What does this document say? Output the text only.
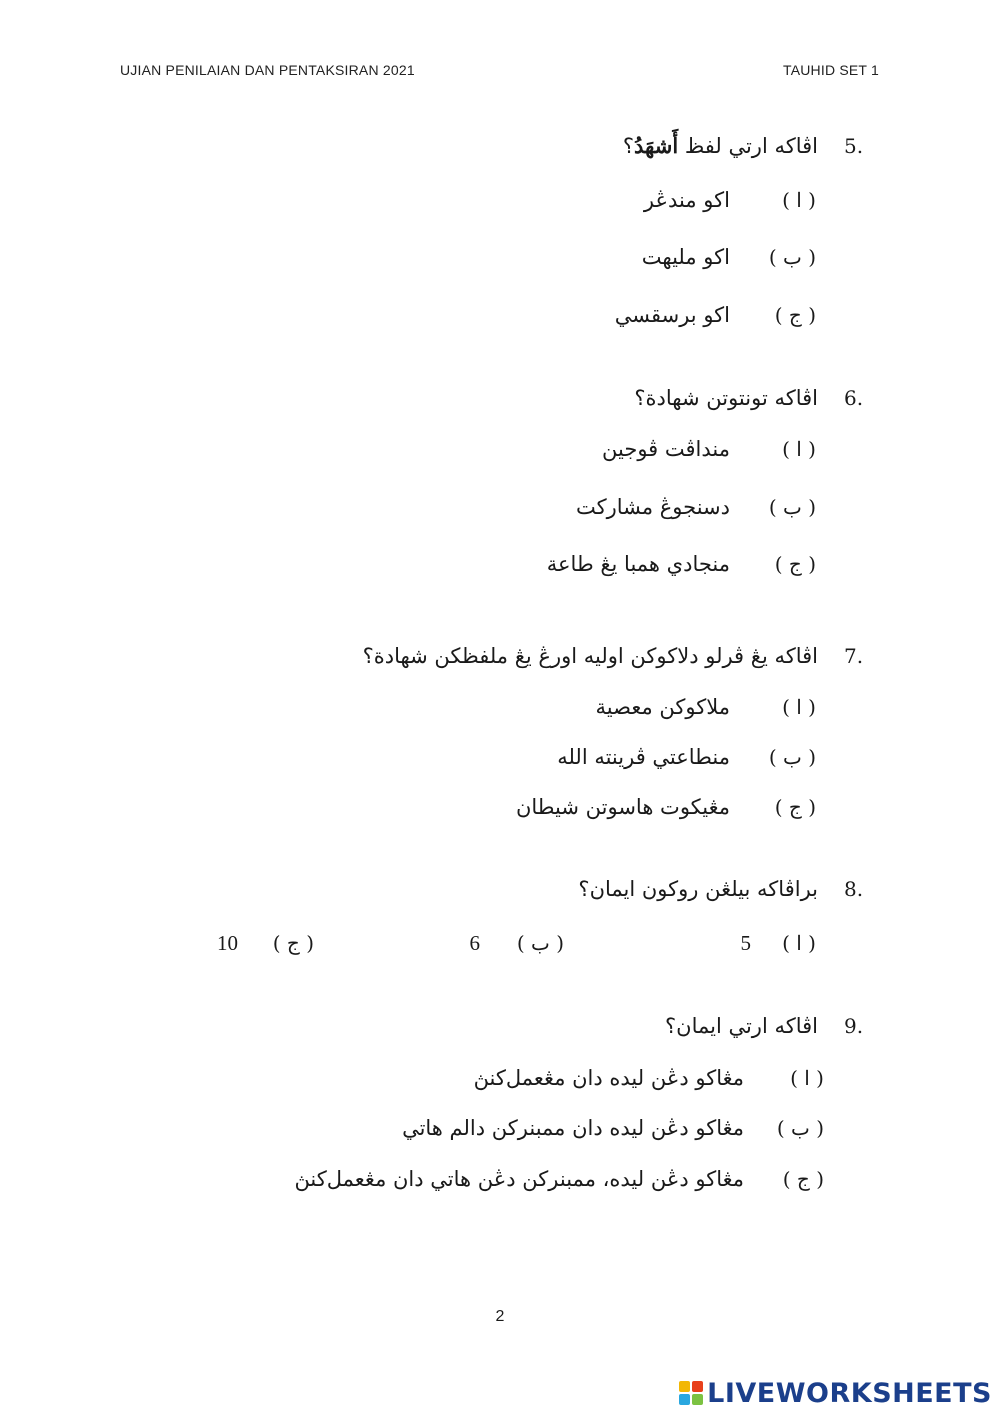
UJIAN PENILAIAN DAN PENTAKSIRAN 2021	TAUHID SET 1
5.
اڤاكه ارتي لفظ أَشهَدُ؟
( ا )
اكو مندڠر
( ب )
اكو مليهت
( ج )
اكو برسقسي
6.
اڤاكه تونتوتن شهادة؟
( ا )
منداڤت ڤوجين
( ب )
دسنجوڠ مشاركت
( ج )
منجادي همبا يڠ طاعة
7.
اڤاكه يڠ ڤرلو دلاكوكن اوليه اورڠ يڠ ملفظكن شهادة؟
( ا )
ملاكوكن معصية
( ب )
منطاعتي ڤرينته الله
( ج )
مڠيكوت هاسوتن شيطان
8.
براڤاكه بيلڠن روكون ايمان؟
( ا )
5
( ب )
6
( ج )
10
9.
اڤاكه ارتي ايمان؟
( ا )
مڠاكو دڠن ليده دان مڠعمل‌كنڽ
( ب )
مڠاكو دڠن ليده دان ممبنركن دالم هاتي
( ج )
مڠاكو دڠن ليده، ممبنركن دڠن هاتي دان مڠعمل‌كنڽ
2
LIVEWORKSHEETS
